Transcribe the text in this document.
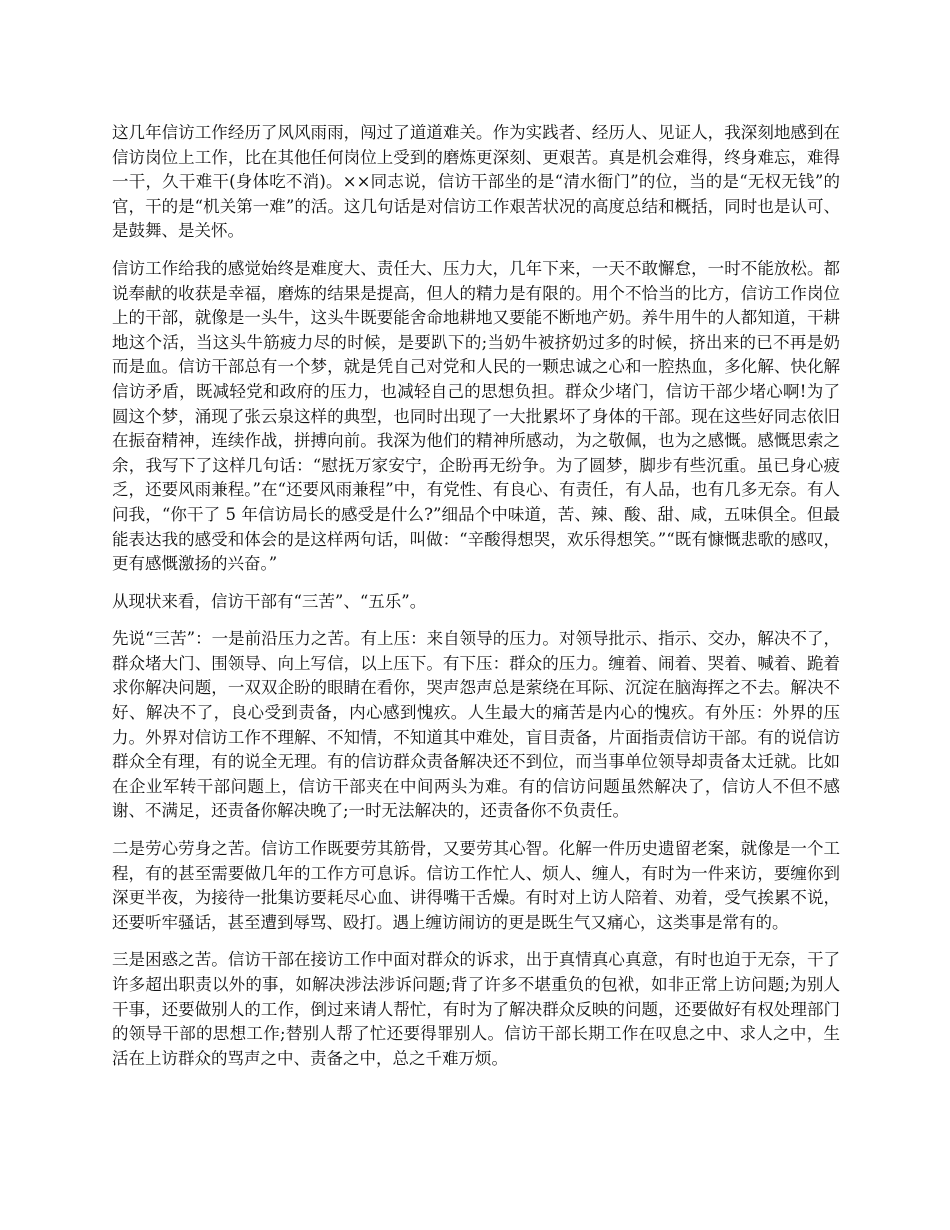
这几年信访工作经历了风风雨雨，闯过了道道难关。作为实践者、经历人、见证人，我深刻地感到在信访岗位上工作，比在其他任何岗位上受到的磨炼更深刻、更艰苦。真是机会难得，终身难忘，难得一干，久干难干(身体吃不消)。××同志说，信访干部坐的是“清水衙门”的位，当的是“无权无钱”的官，干的是“机关第一难”的活。这几句话是对信访工作艰苦状况的高度总结和概括，同时也是认可、是鼓舞、是关怀。

信访工作给我的感觉始终是难度大、责任大、压力大，几年下来，一天不敢懈怠，一时不能放松。都说奉献的收获是幸福，磨炼的结果是提高，但人的精力是有限的。用个不恰当的比方，信访工作岗位上的干部，就像是一头牛，这头牛既要能舍命地耕地又要能不断地产奶。养牛用牛的人都知道，干耕地这个活，当这头牛筋疲力尽的时候，是要趴下的;当奶牛被挤奶过多的时候，挤出来的已不再是奶而是血。信访干部总有一个梦，就是凭自己对党和人民的一颗忠诚之心和一腔热血，多化解、快化解信访矛盾，既减轻党和政府的压力，也减轻自己的思想负担。群众少堵门，信访干部少堵心啊!为了圆这个梦，涌现了张云泉这样的典型，也同时出现了一大批累坏了身体的干部。现在这些好同志依旧在振奋精神，连续作战，拼搏向前。我深为他们的精神所感动，为之敬佩，也为之感慨。感慨思索之余，我写下了这样几句话：“慰抚万家安宁，企盼再无纷争。为了圆梦，脚步有些沉重。虽已身心疲乏，还要风雨兼程。”在“还要风雨兼程”中，有党性、有良心、有责任，有人品，也有几多无奈。有人问我，“你干了 5 年信访局长的感受是什么?”细品个中味道，苦、辣、酸、甜、咸，五味俱全。但最能表达我的感受和体会的是这样两句话，叫做：“辛酸得想哭，欢乐得想笑。”“既有慷慨悲歌的感叹，更有感慨激扬的兴奋。”

从现状来看，信访干部有“三苦”、“五乐”。

先说“三苦”：一是前沿压力之苦。有上压：来自领导的压力。对领导批示、指示、交办，解决不了，群众堵大门、围领导、向上写信，以上压下。有下压：群众的压力。缠着、闹着、哭着、喊着、跪着求你解决问题，一双双企盼的眼睛在看你，哭声怨声总是萦绕在耳际、沉淀在脑海挥之不去。解决不好、解决不了，良心受到责备，内心感到愧疚。人生最大的痛苦是内心的愧疚。有外压：外界的压力。外界对信访工作不理解、不知情，不知道其中难处，盲目责备，片面指责信访干部。有的说信访群众全有理，有的说全无理。有的信访群众责备解决还不到位，而当事单位领导却责备太迁就。比如在企业军转干部问题上，信访干部夹在中间两头为难。有的信访问题虽然解决了，信访人不但不感谢、不满足，还责备你解决晚了;一时无法解决的，还责备你不负责任。

二是劳心劳身之苦。信访工作既要劳其筋骨，又要劳其心智。化解一件历史遗留老案，就像是一个工程，有的甚至需要做几年的工作方可息诉。信访工作忙人、烦人、缠人，有时为一件来访，要缠你到深更半夜，为接待一批集访要耗尽心血、讲得嘴干舌燥。有时对上访人陪着、劝着，受气挨累不说，还要听牢骚话，甚至遭到辱骂、殴打。遇上缠访闹访的更是既生气又痛心，这类事是常有的。

三是困惑之苦。信访干部在接访工作中面对群众的诉求，出于真情真心真意，有时也迫于无奈，干了许多超出职责以外的事，如解决涉法涉诉问题;背了许多不堪重负的包袱，如非正常上访问题;为别人干事，还要做别人的工作，倒过来请人帮忙，有时为了解决群众反映的问题，还要做好有权处理部门的领导干部的思想工作;替别人帮了忙还要得罪别人。信访干部长期工作在叹息之中、求人之中，生活在上访群众的骂声之中、责备之中，总之千难万烦。
